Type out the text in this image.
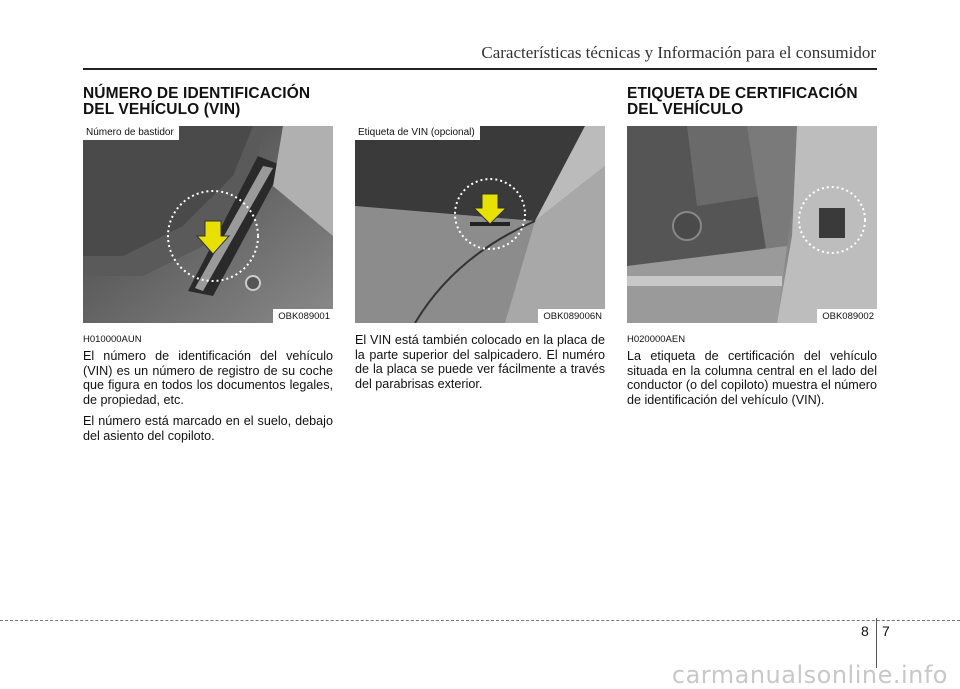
Características técnicas y Información para el consumidor
NÚMERO DE IDENTIFICACIÓN
DEL VEHÍCULO (VIN)
Número de bastidor
OBK089001
H010000AUN

El número de identificación del vehículo (VIN) es un número de registro de su coche que figura en todos los documentos legales, de propiedad, etc.

El número está marcado en el suelo, debajo del asiento del copiloto.

Etiqueta de VIN (opcional)
OBK089006N

El VIN está también colocado en la placa de la parte superior del salpicadero. El numéro de la placa se puede ver fácilmente a través del parabrisas exterior.

ETIQUETA DE CERTIFICACIÓN
DEL VEHÍCULO
OBK089002
H020000AEN

La etiqueta de certificación del vehículo situada en la columna central en el lado del conductor (o del copiloto) muestra el número de identificación del vehículo (VIN).

8 7
carmanualsonline.info
